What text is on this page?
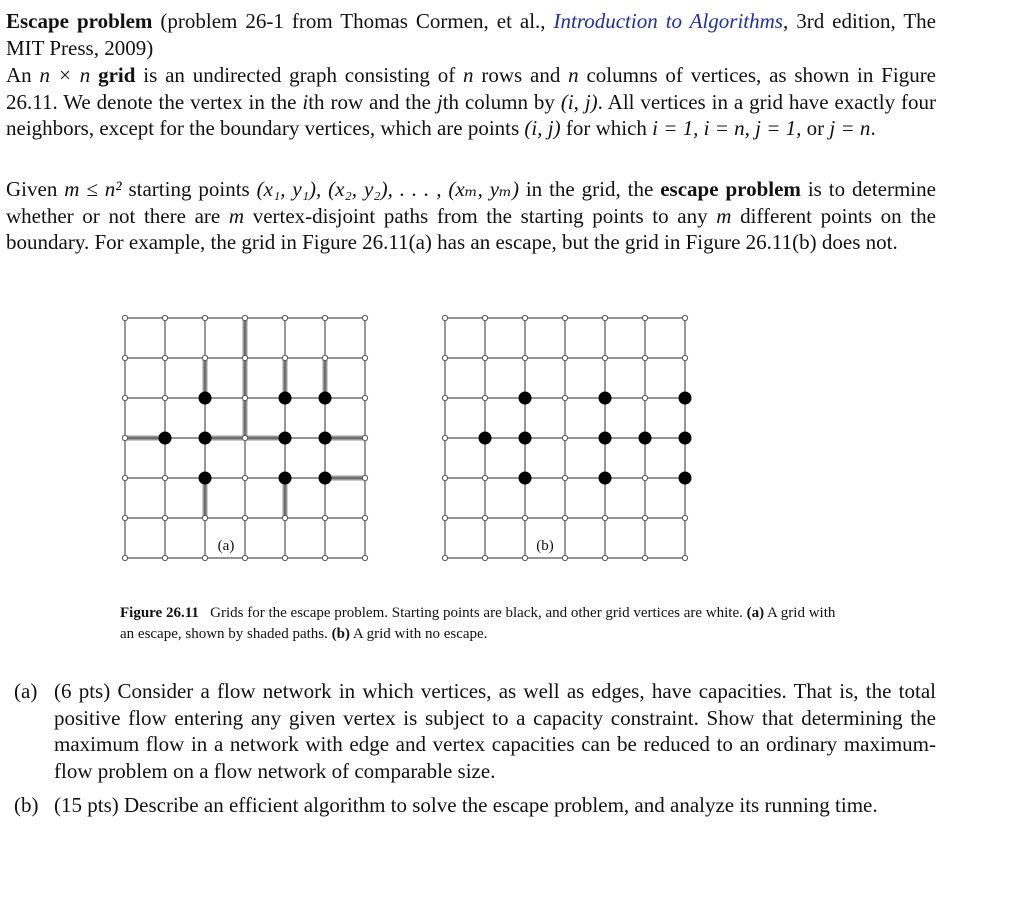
Escape problem (problem 26-1 from Thomas Cormen, et al., Introduction to Algorithms, 3rd edition, The MIT Press, 2009)

An n × n grid is an undirected graph consisting of n rows and n columns of vertices, as shown in Figure 26.11. We denote the vertex in the ith row and the jth column by (i, j). All vertices in a grid have exactly four neighbors, except for the boundary vertices, which are points (i, j) for which i = 1, i = n, j = 1, or j = n.

Given m ≤ n² starting points (x₁, y₁), (x₂, y₂), . . . , (xₘ, yₘ) in the grid, the escape problem is to determine whether or not there are m vertex-disjoint paths from the starting points to any m different points on the boundary. For example, the grid in Figure 26.11(a) has an escape, but the grid in Figure 26.11(b) does not.

(a)	(b)
Figure 26.11 Grids for the escape problem. Starting points are black, and other grid vertices are white. (a) A grid with an escape, shown by shaded paths. (b) A grid with no escape.

(a) (6 pts) Consider a flow network in which vertices, as well as edges, have capacities. That is, the total positive flow entering any given vertex is subject to a capacity constraint. Show that determining the maximum flow in a network with edge and vertex capacities can be reduced to an ordinary maximum-flow problem on a flow network of comparable size.

(b) (15 pts) Describe an efficient algorithm to solve the escape problem, and analyze its running time.
